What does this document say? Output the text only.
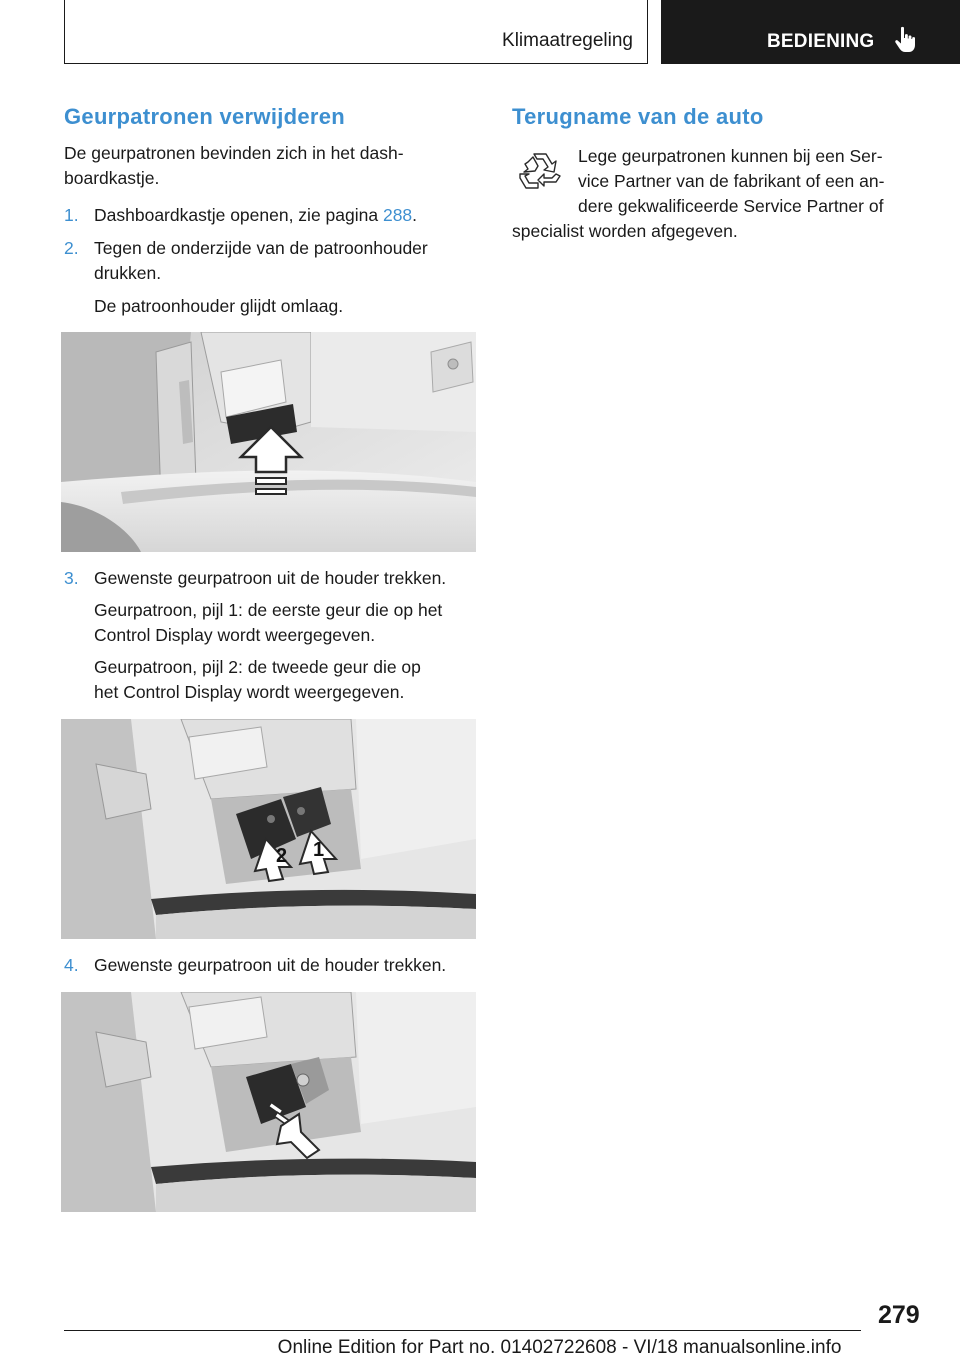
Klimaatregeling	BEDIENING
Geurpatronen verwijderen

De geurpatronen bevinden zich in het dash-

boardkastje.

1. Dashboardkastje openen, zie pagina 288.

2. Tegen de onderzijde van de patroonhouder

drukken.

De patroonhouder glijdt omlaag.

3. Gewenste geurpatroon uit de houder trekken.

Geurpatroon, pijl 1: de eerste geur die op het

Control Display wordt weergegeven.

Geurpatroon, pijl 2: de tweede geur die op

het Control Display wordt weergegeven.

2 1
4. Gewenste geurpatroon uit de houder trekken.

Terugname van de auto

Lege geurpatronen kunnen bij een Ser-

vice Partner van de fabrikant of een an-

dere gekwalificeerde Service Partner of

specialist worden afgegeven.

279
Online Edition for Part no. 01402722608 - VI/18 manualsonline.info
